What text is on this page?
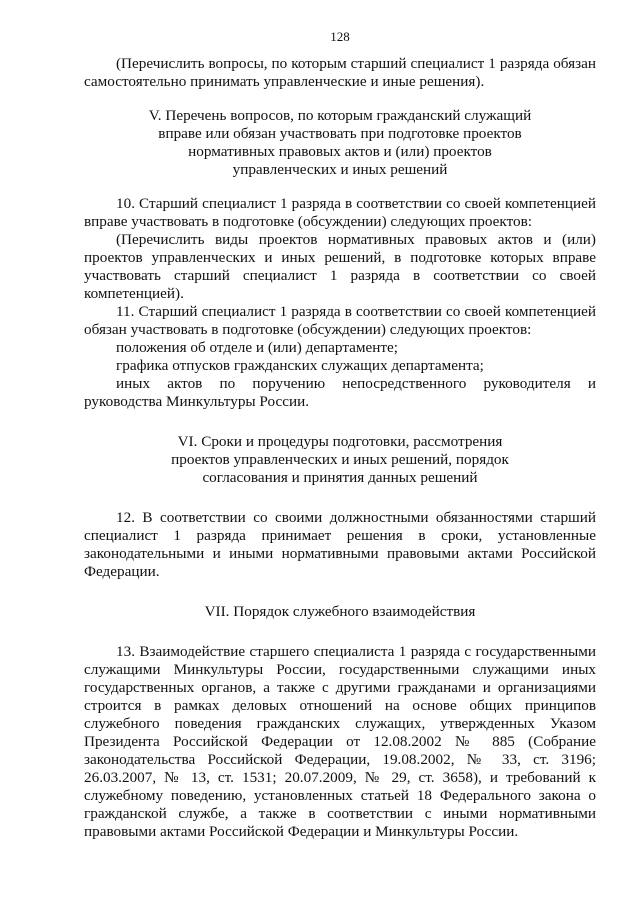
128

(Перечислить вопросы, по которым старший специалист 1 разряда обязан самостоятельно принимать управленческие и иные решения).

V. Перечень вопросов, по которым гражданский служащий
вправе или обязан участвовать при подготовке проектов
нормативных правовых актов и (или) проектов
управленческих и иных решений

10. Старший специалист 1 разряда в соответствии со своей компетенцией вправе участвовать в подготовке (обсуждении) следующих проектов:

(Перечислить виды проектов нормативных правовых актов и (или) проектов управленческих и иных решений, в подготовке которых вправе участвовать старший специалист 1 разряда в соответствии со своей компетенцией).

11. Старший специалист 1 разряда в соответствии со своей компетенцией обязан участвовать в подготовке (обсуждении) следующих проектов:

положения об отделе и (или) департаменте;

графика отпусков гражданских служащих департамента;

иных актов по поручению непосредственного руководителя и руководства Минкультуры России.

VI. Сроки и процедуры подготовки, рассмотрения
проектов управленческих и иных решений, порядок
согласования и принятия данных решений

12. В соответствии со своими должностными обязанностями старший специалист 1 разряда принимает решения в сроки, установленные законодательными и иными нормативными правовыми актами Российской Федерации.

VII. Порядок служебного взаимодействия

13. Взаимодействие старшего специалиста 1 разряда с государственными служащими Минкультуры России, государственными служащими иных государственных органов, а также с другими гражданами и организациями строится в рамках деловых отношений на основе общих принципов служебного поведения гражданских служащих, утвержденных Указом Президента Российской Федерации от 12.08.2002 № 885 (Собрание законодательства Российской Федерации, 19.08.2002, № 33, ст. 3196; 26.03.2007, № 13, ст. 1531; 20.07.2009, № 29, ст. 3658), и требований к служебному поведению, установленных статьей 18 Федерального закона о гражданской службе, а также в соответствии с иными нормативными правовыми актами Российской Федерации и Минкультуры России.
